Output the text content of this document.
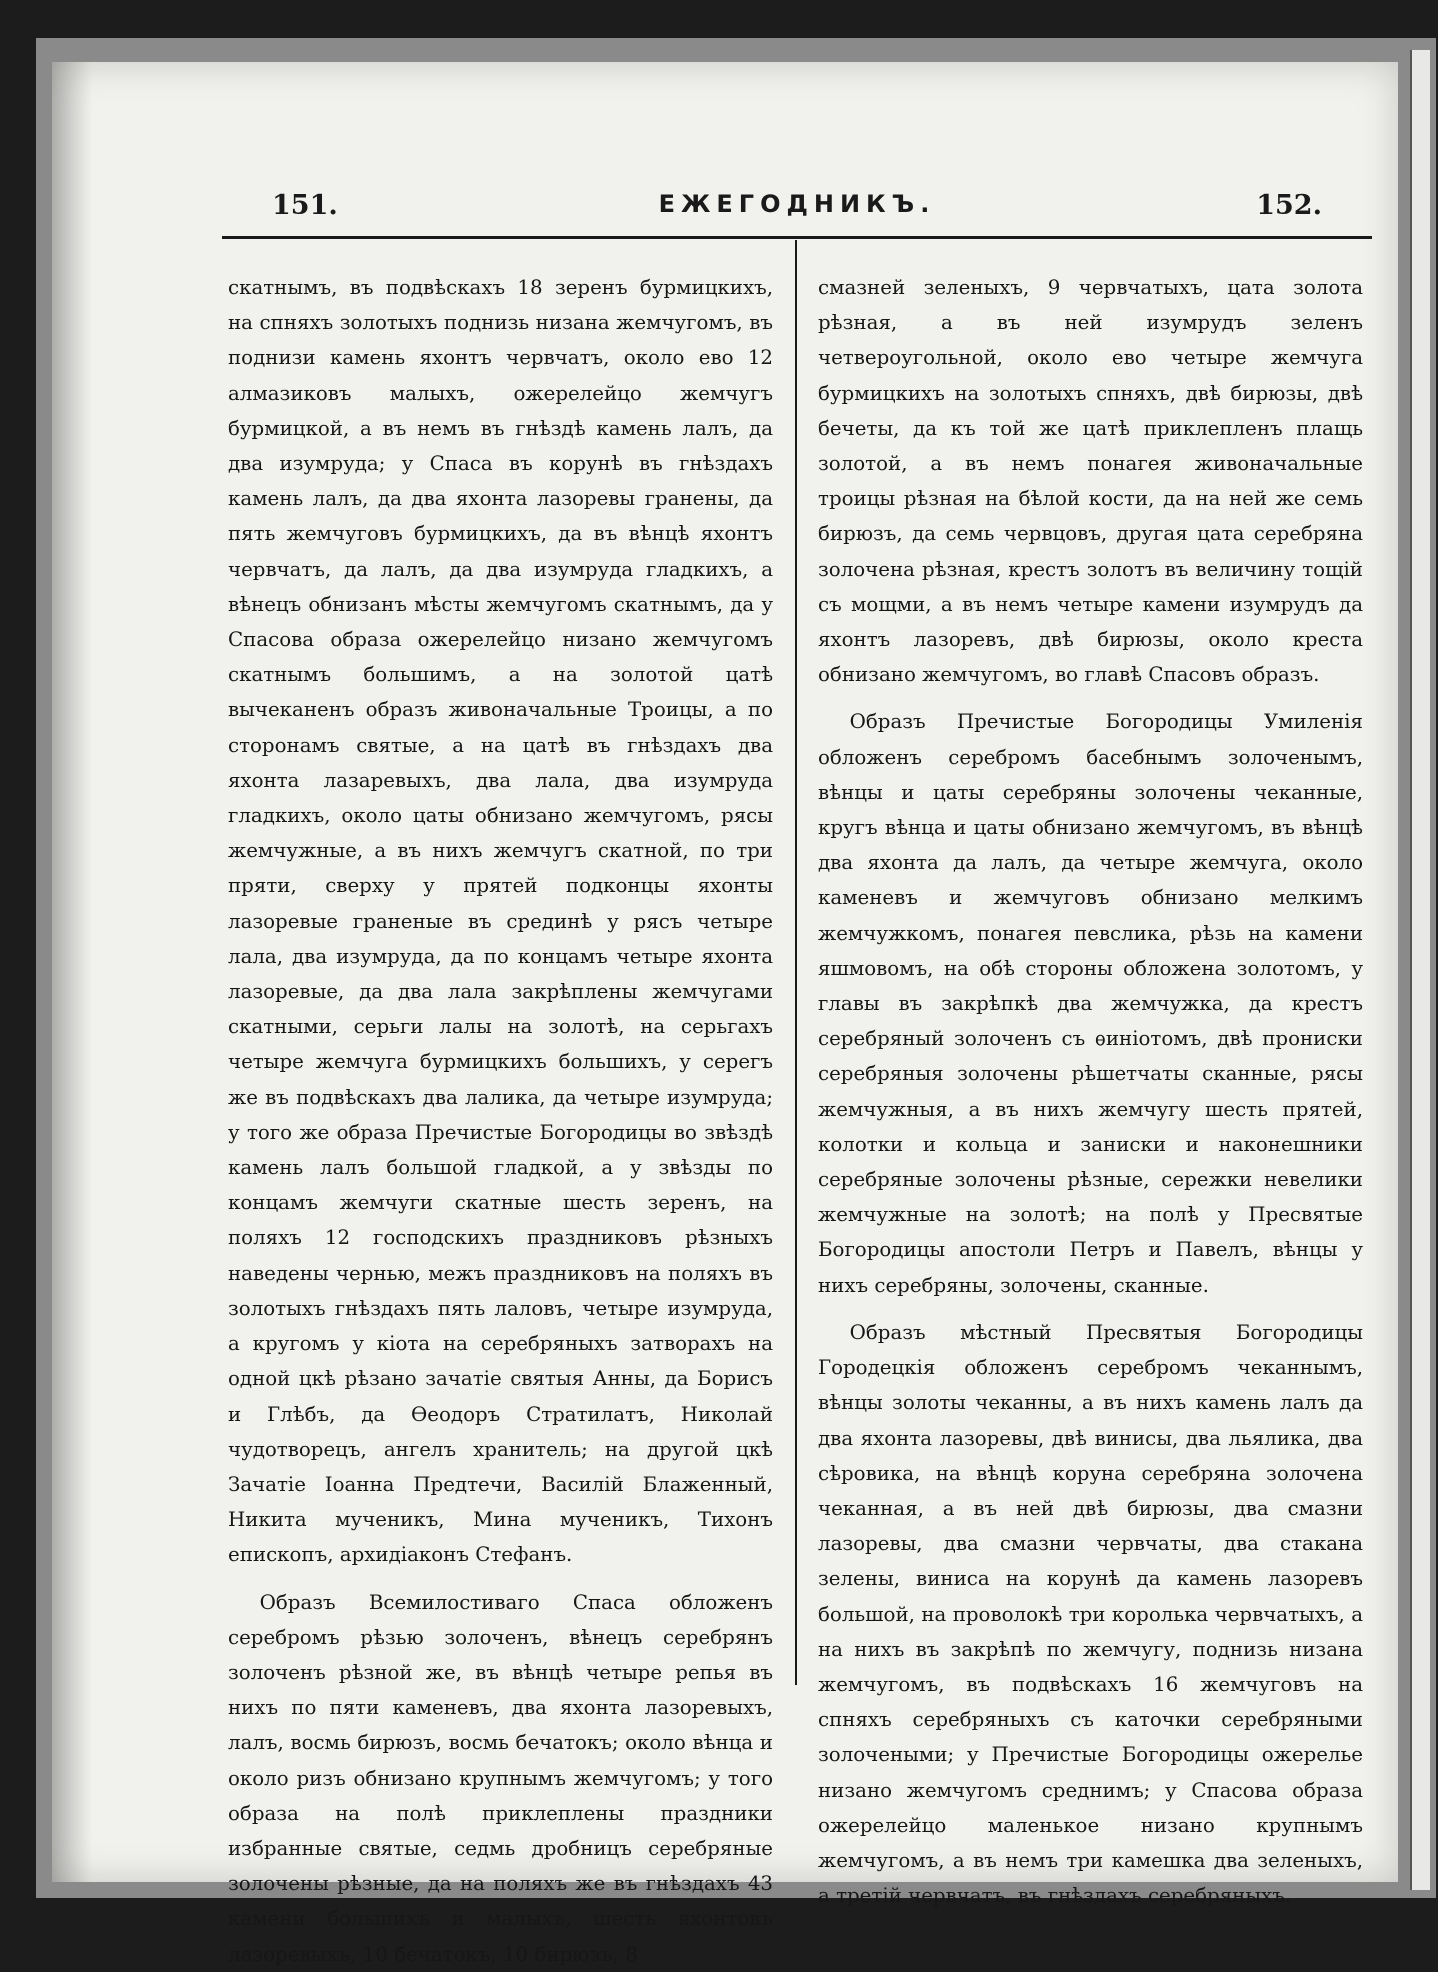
151.	ЕЖЕГОДНИКЪ.	152.

скатнымъ, въ подвѣскахъ 18 зеренъ бурмицкихъ, на спняхъ золотыхъ поднизь низана жемчугомъ, въ поднизи камень яхонтъ червчатъ, около ево 12 алмазиковъ малыхъ, ожерелейцо жемчугъ бурмицкой, а въ немъ въ гнѣздѣ камень лалъ, да два изумруда; у Спаса въ корунѣ въ гнѣздахъ камень лалъ, да два яхонта лазоревы гранены, да пять жемчуговъ бурмицкихъ, да въ вѣнцѣ яхонтъ червчатъ, да лалъ, да два изумруда гладкихъ, а вѣнецъ обнизанъ мѣсты жемчугомъ скатнымъ, да у Спасова образа ожерелейцо низано жемчугомъ скатнымъ большимъ, а на золотой цатѣ вычеканенъ образъ живоначальные Троицы, а по сторонамъ святые, а на цатѣ въ гнѣздахъ два яхонта лазаревыхъ, два лала, два изумруда гладкихъ, около цаты обнизано жемчугомъ, рясы жемчужные, а въ нихъ жемчугъ скатной, по три пряти, сверху у прятей подконцы яхонты лазоревые граненые въ срединѣ у рясъ четыре лала, два изумруда, да по концамъ четыре яхонта лазоревые, да два лала закрѣплены жемчугами скатными, серьги лалы на золотѣ, на серьгахъ четыре жемчуга бурмицкихъ большихъ, у серегъ же въ подвѣскахъ два лалика, да четыре изумруда; у того же образа Пречистые Богородицы во звѣздѣ камень лалъ большой гладкой, а у звѣзды по концамъ жемчуги скатные шесть зеренъ, на поляхъ 12 господскихъ праздниковъ рѣзныхъ наведены чернью, межъ праздниковъ на поляхъ въ золотыхъ гнѣздахъ пять лаловъ, четыре изумруда, а кругомъ у кіота на серебряныхъ затворахъ на одной цкѣ рѣзано зачатіе святыя Анны, да Борисъ и Глѣбъ, да Ѳеодоръ Стратилатъ, Николай чудотворецъ, ангелъ хранитель; на другой цкѣ Зачатіе Іоанна Предтечи, Василій Блаженный, Никита мученикъ, Мина мученикъ, Тихонъ епископъ, архидіаконъ Стефанъ.

Образъ Всемилостиваго Спаса обложенъ серебромъ рѣзью золоченъ, вѣнецъ серебрянъ золоченъ рѣзной же, въ вѣнцѣ четыре репья въ нихъ по пяти каменевъ, два яхонта лазоревыхъ, лалъ, восмь бирюзъ, восмь бечатокъ; около вѣнца и около ризъ обнизано крупнымъ жемчугомъ; у того образа на полѣ приклеплены праздники избранные святые, седмь дробницъ серебряные золочены рѣзные, да на поляхъ же въ гнѣздахъ 43 камени большихъ и малыхъ, шесть яхонтовъ лазоревыхъ, 10 бечатокъ, 10 бирюзъ, 8

смазней зеленыхъ, 9 червчатыхъ, цата золота рѣзная, а въ ней изумрудъ зеленъ четвероугольной, около ево четыре жемчуга бурмицкихъ на золотыхъ спняхъ, двѣ бирюзы, двѣ бечеты, да къ той же цатѣ приклепленъ плащь золотой, а въ немъ понагея живоначальные троицы рѣзная на бѣлой кости, да на ней же семь бирюзъ, да семь червцовъ, другая цата серебряна золочена рѣзная, крестъ золотъ въ величину тощій съ мощми, а въ немъ четыре камени изумрудъ да яхонтъ лазоревъ, двѣ бирюзы, около креста обнизано жемчугомъ, во главѣ Спасовъ образъ.

Образъ Пречистые Богородицы Умиленія обложенъ серебромъ басебнымъ золоченымъ, вѣнцы и цаты серебряны золочены чеканные, кругъ вѣнца и цаты обнизано жемчугомъ, въ вѣнцѣ два яхонта да лалъ, да четыре жемчуга, около каменевъ и жемчуговъ обнизано мелкимъ жемчужкомъ, понагея певслика, рѣзь на камени яшмовомъ, на обѣ стороны обложена золотомъ, у главы въ закрѣпкѣ два жемчужка, да крестъ серебряный золоченъ съ ѳиніотомъ, двѣ прониски серебряныя золочены рѣшетчаты сканные, рясы жемчужныя, а въ нихъ жемчугу шесть прятей, колотки и кольца и заниски и наконешники серебряные золочены рѣзные, сережки невелики жемчужные на золотѣ; на полѣ у Пресвятые Богородицы апостоли Петръ и Павелъ, вѣнцы у нихъ серебряны, золочены, сканные.

Образъ мѣстный Пресвятыя Богородицы Городецкія обложенъ серебромъ чеканнымъ, вѣнцы золоты чеканны, а въ нихъ камень лалъ да два яхонта лазоревы, двѣ винисы, два льялика, два сѣровика, на вѣнцѣ коруна серебряна золочена чеканная, а въ ней двѣ бирюзы, два смазни лазоревы, два смазни червчаты, два стакана зелены, виниса на корунѣ да камень лазоревъ большой, на проволокѣ три королька червчатыхъ, а на нихъ въ закрѣпѣ по жемчугу, поднизь низана жемчугомъ, въ подвѣскахъ 16 жемчуговъ на спняхъ серебряныхъ съ каточки серебряными золочеными; у Пречистые Богородицы ожерелье низано жемчугомъ среднимъ; у Спасова образа ожерелейцо маленькое низано крупнымъ жемчугомъ, а въ немъ три камешка два зеленыхъ, а третій червчатъ, въ гнѣздахъ серебряныхъ.
